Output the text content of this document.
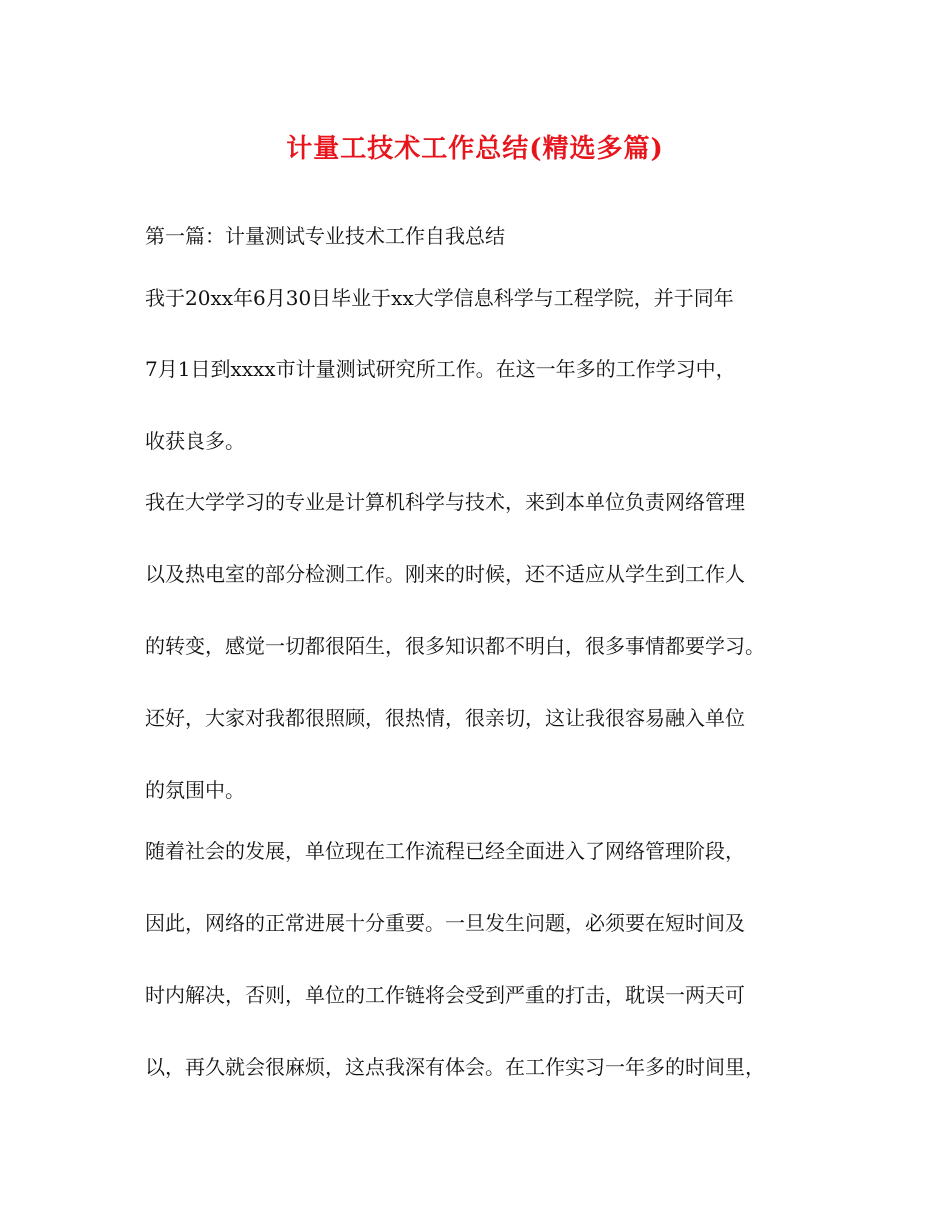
计量工技术工作总结(精选多篇)
第一篇：计量测试专业技术工作自我总结
我于20xx年6月30日毕业于xx大学信息科学与工程学院，并于同年
7月1日到xxxx市计量测试研究所工作。在这一年多的工作学习中，
收获良多。
我在大学学习的专业是计算机科学与技术，来到本单位负责网络管理
以及热电室的部分检测工作。刚来的时候，还不适应从学生到工作人
的转变，感觉一切都很陌生，很多知识都不明白，很多事情都要学习。
还好，大家对我都很照顾，很热情，很亲切，这让我很容易融入单位
的氛围中。
随着社会的发展，单位现在工作流程已经全面进入了网络管理阶段，
因此，网络的正常进展十分重要。一旦发生问题，必须要在短时间及
时内解决，否则，单位的工作链将会受到严重的打击，耽误一两天可
以，再久就会很麻烦，这点我深有体会。在工作实习一年多的时间里，
